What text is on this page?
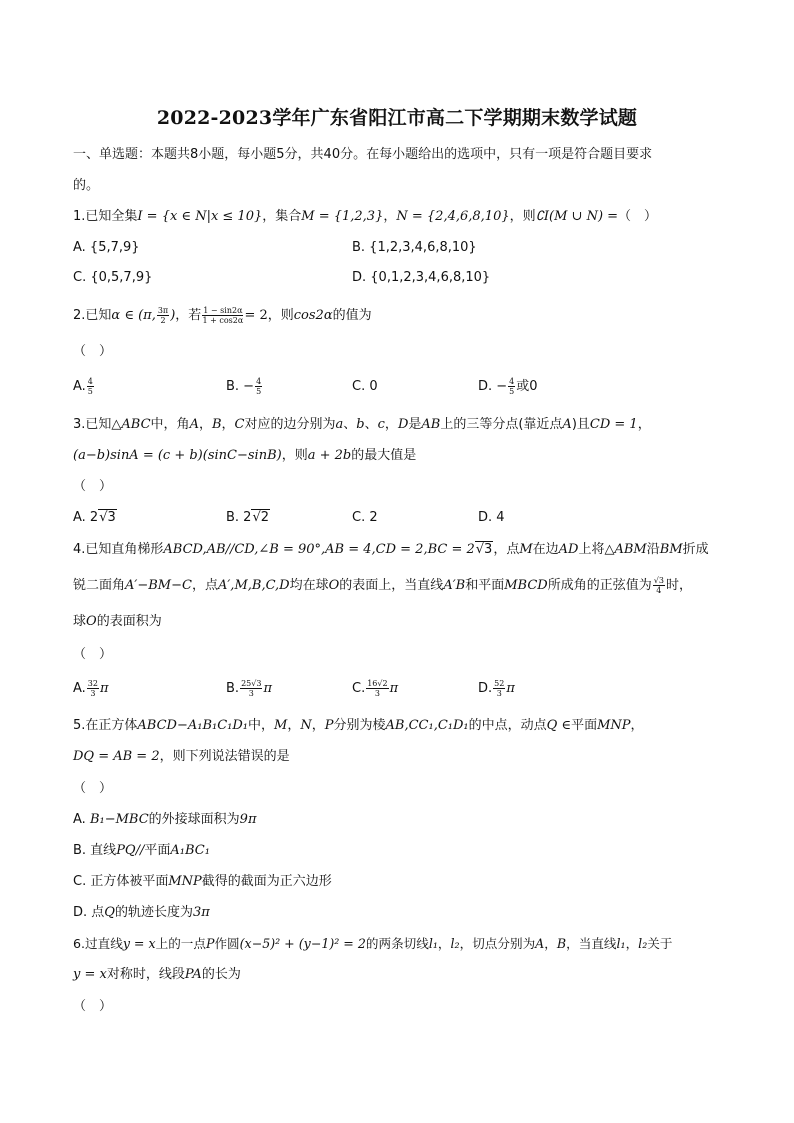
2022-2023学年广东省阳江市高二下学期期末数学试题
一、单选题：本题共8小题，每小题5分，共40分。在每小题给出的选项中，只有一项是符合题目要求
的。
1.已知全集I = {x ∈ N|x ≤ 10}，集合M = {1,2,3}，N = {2,4,6,8,10}，则∁I(M ∪ N) =（　）
A. {5,7,9}	B. {1,2,3,4,6,8,10}
C. {0,5,7,9}	D. {0,1,2,3,4,6,8,10}
2.已知α ∈ (π, $\frac{3\pi}{2}$ )，若 $\frac{1 - \sin 2\alpha}{1 + \cos 2\alpha} = 2$，则cos2α的值为
（　）
A. $\frac{4}{5}$	B. − $\frac{4}{5}$	C. 0	D. − $\frac{4}{5}$ 或0
3.已知△ABC中，角A，B，C对应的边分别为a、b、c，D是AB上的三等分点(靠近点A)且CD = 1，
(a−b)sinA = (c + b)(sinC−sinB)，则a + 2b的最大值是
（　）
A. 2√3	B. 2√2	C. 2	D. 4
4.已知直角梯形ABCD,AB//CD,∠B = 90°,AB = 4,CD = 2,BC = 2√3，点M在边AD上将△ABM沿BM折成
锐二面角A′−BM−C，点A′,M,B,C,D均在球O的表面上，当直线A′B和平面MBCD所成角的正弦值为 $\frac{√3}{4}$ 时，
球O的表面积为
（　）
A. $\frac{32}{3}$ π	B. $\frac{25√3}{3}$ π	C. $\frac{16√2}{3}$ π	D. $\frac{52}{3}$ π
5.在正方体ABCD−A₁B₁C₁D₁中，M，N，P分别为棱AB,CC₁,C₁D₁的中点，动点Q ∈平面MNP，
DQ = AB = 2，则下列说法错误的是
（　）
A. B₁−MBC的外接球面积为9π
B. 直线PQ//平面A₁BC₁
C. 正方体被平面MNP截得的截面为正六边形
D. 点Q的轨迹长度为3π
6.过直线y = x上的一点P作圆(x−5)² + (y−1)² = 2的两条切线l₁，l₂，切点分别为A，B，当直线l₁，l₂关于
y = x对称时，线段PA的长为
（　）
